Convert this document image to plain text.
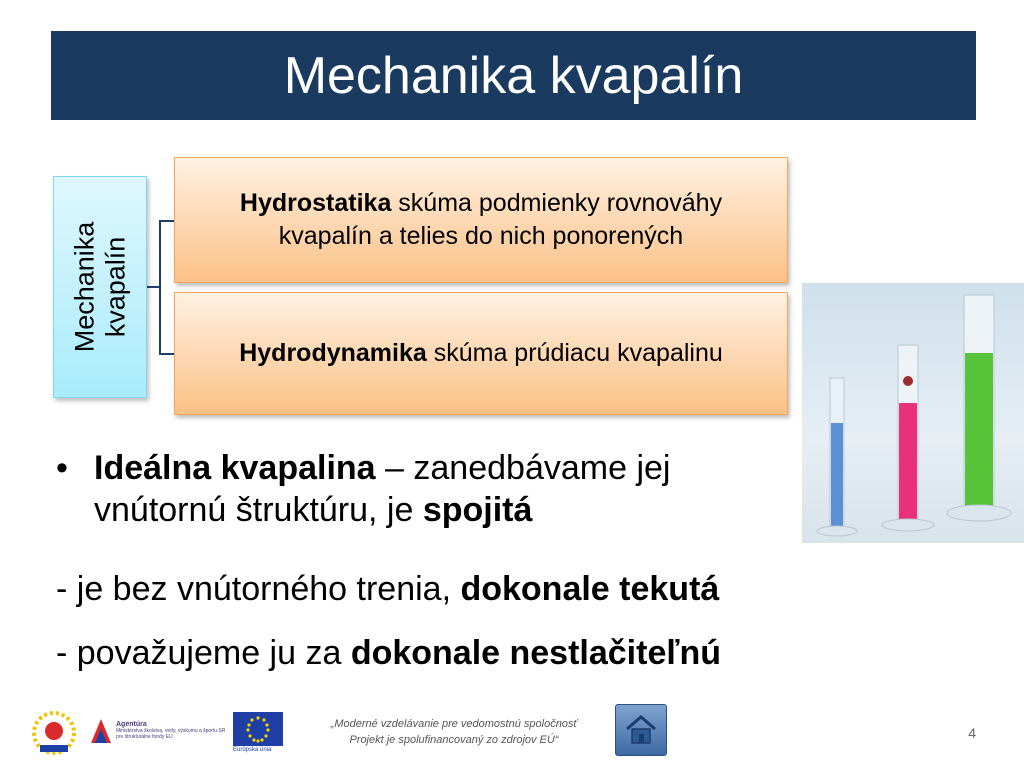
Mechanika kvapalín
Mechanika kvapalín
Hydrostatika skúma podmienky rovnováhy
kvapalín a telies do nich ponorených
Hydrodynamika skúma prúdiacu kvapalinu
• Ideálna kvapalina – zanedbávame jej
vnútornú štruktúru, je spojitá
- je bez vnútorného trenia, dokonale tekutá
- považujeme ju za dokonale nestlačiteľnú
Agentúra
Ministerstva školstva, vedy, výskumu a športu SR
pre štrukturálne fondy EÚ
Európska únia
„Moderné vzdelávanie pre vedomostnú spoločnosť
Projekt je spolufinancovaný zo zdrojov EÚ“	4
